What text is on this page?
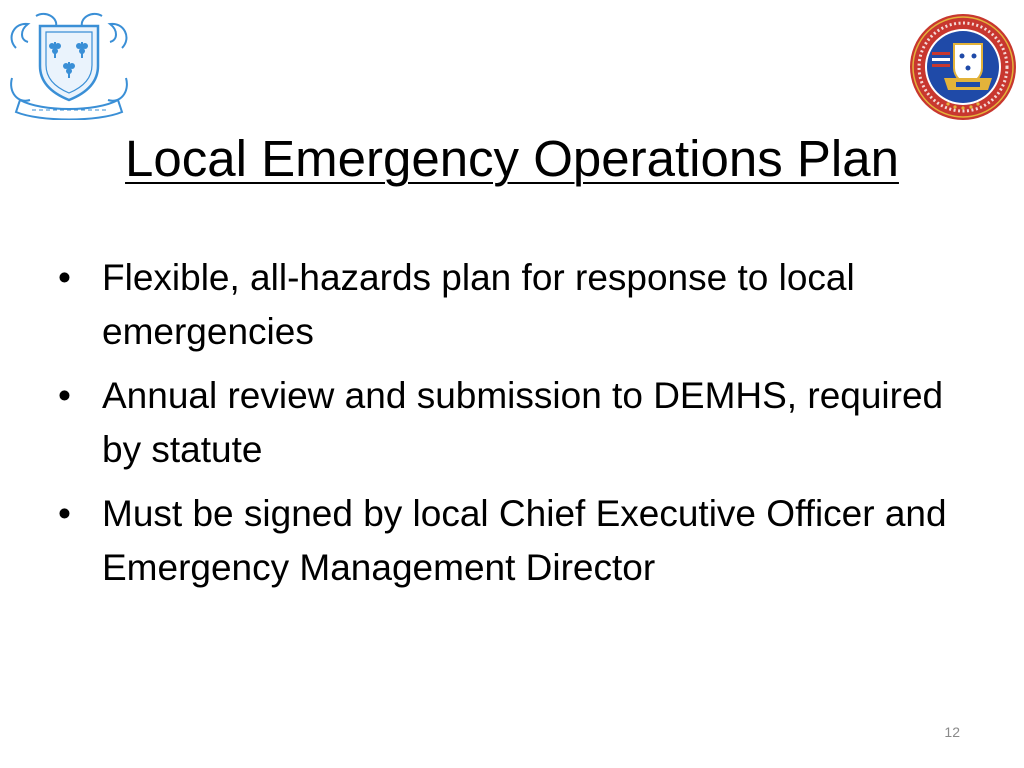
Local Emergency Operations Plan
• Flexible, all-hazards plan for response to local emergencies
• Annual review and submission to DEMHS, required by statute
• Must be signed by local Chief Executive Officer and Emergency Management Director
12
